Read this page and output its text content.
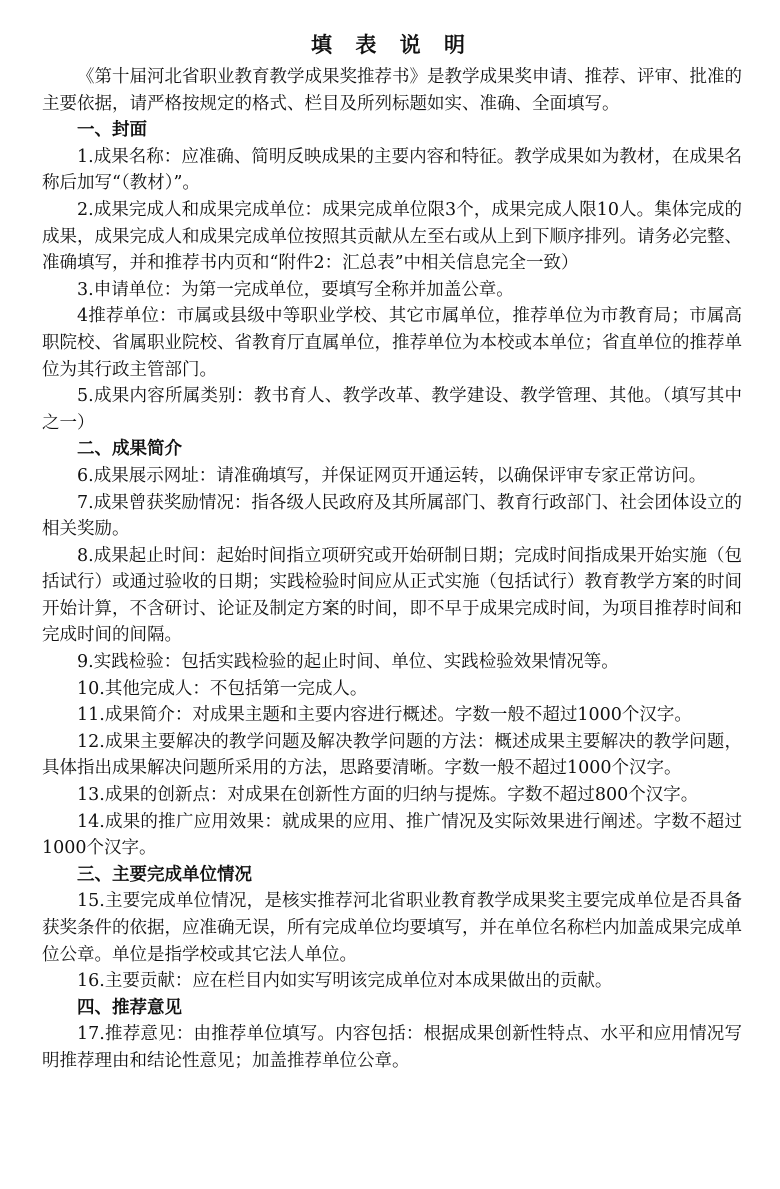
填 表 说 明

《第十届河北省职业教育教学成果奖推荐书》是教学成果奖申请、推荐、评审、批准的主要依据，请严格按规定的格式、栏目及所列标题如实、准确、全面填写。

一、封面

1.成果名称：应准确、简明反映成果的主要内容和特征。教学成果如为教材，在成果名称后加写“（教材）”。

2.成果完成人和成果完成单位：成果完成单位限3个，成果完成人限10人。集体完成的成果，成果完成人和成果完成单位按照其贡献从左至右或从上到下顺序排列。请务必完整、准确填写，并和推荐书内页和“附件2：汇总表”中相关信息完全一致）

3.申请单位：为第一完成单位，要填写全称并加盖公章。

4推荐单位：市属或县级中等职业学校、其它市属单位，推荐单位为市教育局；市属高职院校、省属职业院校、省教育厅直属单位，推荐单位为本校或本单位；省直单位的推荐单位为其行政主管部门。

5.成果内容所属类别：教书育人、教学改革、教学建设、教学管理、其他。（填写其中之一）

二、成果简介

6.成果展示网址：请准确填写，并保证网页开通运转，以确保评审专家正常访问。

7.成果曾获奖励情况：指各级人民政府及其所属部门、教育行政部门、社会团体设立的相关奖励。

8.成果起止时间：起始时间指立项研究或开始研制日期；完成时间指成果开始实施（包括试行）或通过验收的日期；实践检验时间应从正式实施（包括试行）教育教学方案的时间开始计算，不含研讨、论证及制定方案的时间，即不早于成果完成时间，为项目推荐时间和完成时间的间隔。

9.实践检验：包括实践检验的起止时间、单位、实践检验效果情况等。

10.其他完成人：不包括第一完成人。

11.成果简介：对成果主题和主要内容进行概述。字数一般不超过1000个汉字。

12.成果主要解决的教学问题及解决教学问题的方法：概述成果主要解决的教学问题，具体指出成果解决问题所采用的方法，思路要清晰。字数一般不超过1000个汉字。

13.成果的创新点：对成果在创新性方面的归纳与提炼。字数不超过800个汉字。

14.成果的推广应用效果：就成果的应用、推广情况及实际效果进行阐述。字数不超过1000个汉字。

三、主要完成单位情况

15.主要完成单位情况，是核实推荐河北省职业教育教学成果奖主要完成单位是否具备获奖条件的依据，应准确无误，所有完成单位均要填写，并在单位名称栏内加盖成果完成单位公章。单位是指学校或其它法人单位。

16.主要贡献：应在栏目内如实写明该完成单位对本成果做出的贡献。

四、推荐意见

17.推荐意见：由推荐单位填写。内容包括：根据成果创新性特点、水平和应用情况写明推荐理由和结论性意见；加盖推荐单位公章。
